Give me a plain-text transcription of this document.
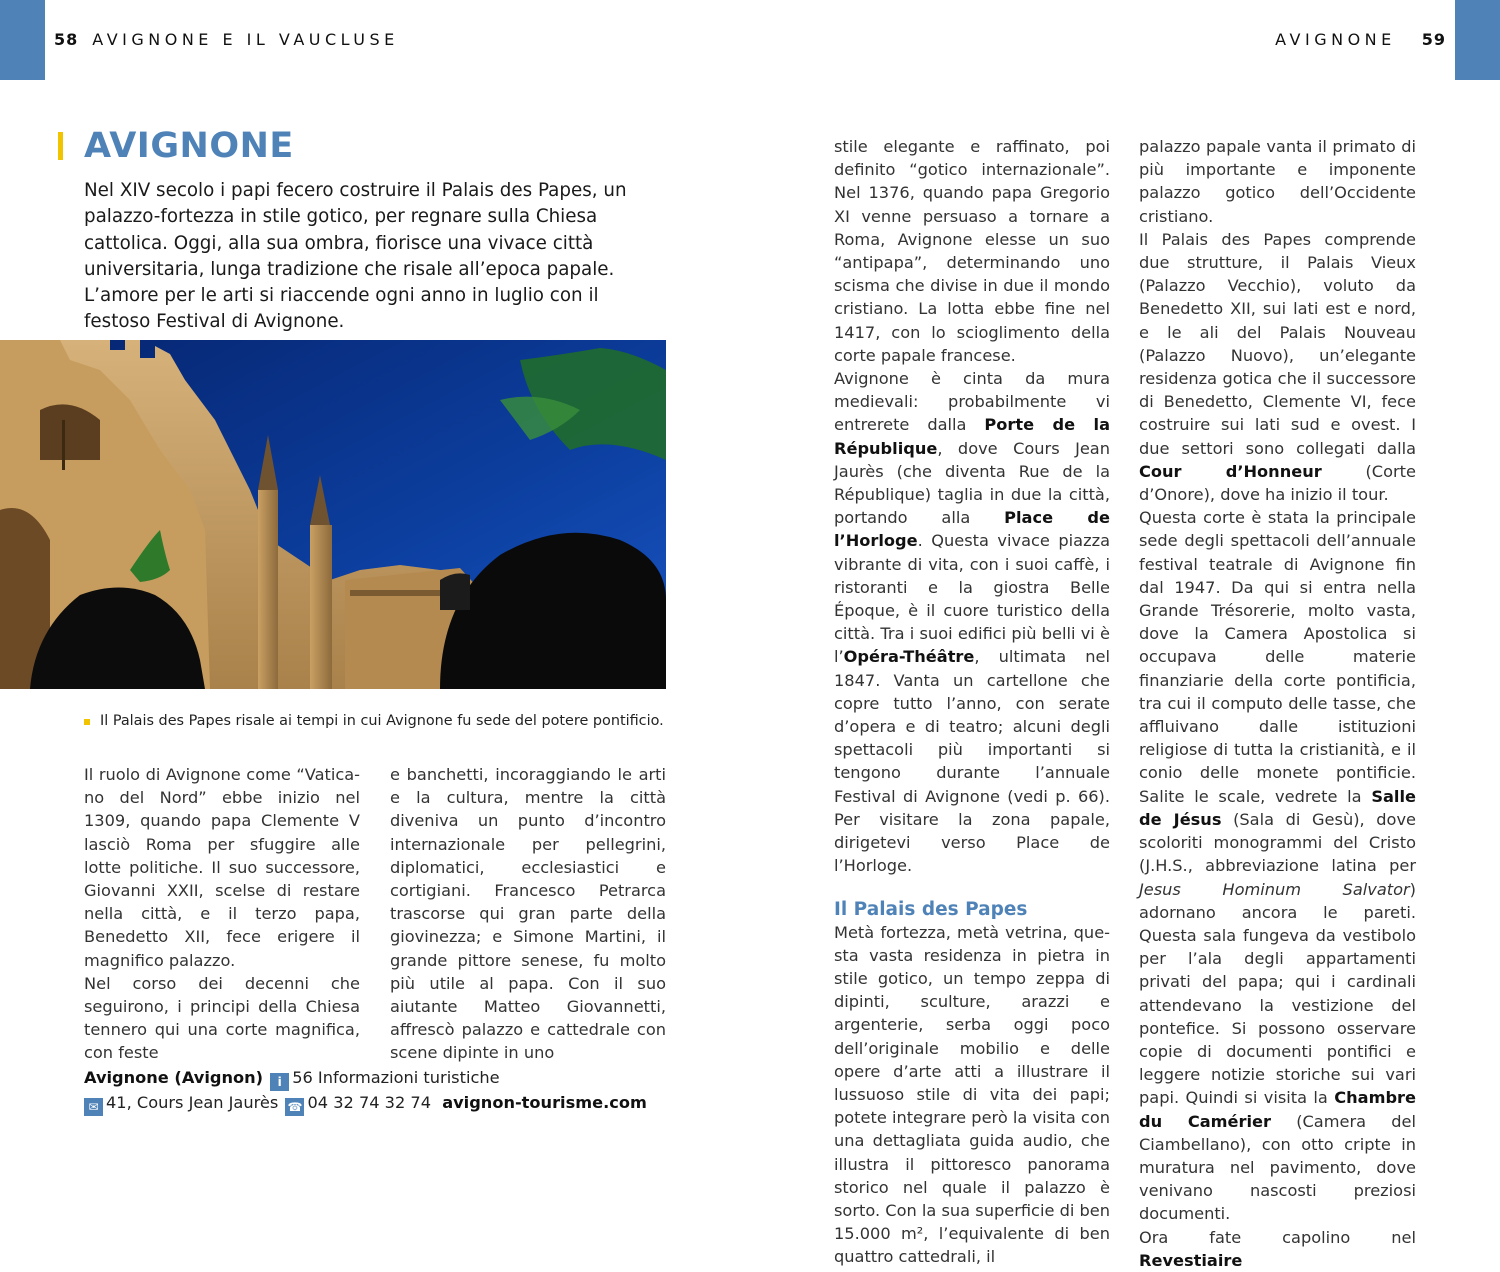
58 AVIGNONE E IL VAUCLUSE	AVIGNONE 59
AVIGNONE

Nel XIV secolo i papi fecero costruire il Palais des Papes, un palazzo-fortezza in stile gotico, per regnare sulla Chiesa cattolica. Oggi, alla sua ombra, fiorisce una vivace città universitaria, lunga tradizione che risale all’epoca papale. L’amore per le arti si riaccende ogni anno in luglio con il festoso Festival di Avignone.

Il Palais des Papes risale ai tempi in cui Avignone fu sede del potere pontificio.

Il ruolo di Avignone come “Vaticano del Nord” ebbe inizio nel 1309, quando papa Clemente V lasciò Roma per sfuggire alle lotte politiche. Il suo successore, Giovanni XXII, scelse di restare nella città, e il terzo papa, Benedetto XII, fece erigere il magnifico palazzo.

Nel corso dei decenni che seguirono, i principi della Chiesa tennero qui una corte magnifica, con feste

e banchetti, incoraggiando le arti e la cultura, mentre la città diveniva un punto d’incontro internazionale per pellegrini, diplomatici, ecclesiastici e cortigiani. Francesco Petrarca trascorse qui gran parte della giovinezza; e Simone Martini, il grande pittore senese, fu molto più utile al papa. Con il suo aiutante Matteo Giovannetti, affrescò palazzo e cattedrale con scene dipinte in uno

stile elegante e raffinato, poi definito “gotico internazionale”. Nel 1376, quando papa Gregorio XI venne persuaso a tornare a Roma, Avignone elesse un suo “antipapa”, determinando uno scisma che divise in due il mondo cristiano. La lotta ebbe fine nel 1417, con lo scioglimento della corte papale francese.

Avignone è cinta da mura medievali: probabilmente vi entrerete dalla Porte de la République, dove Cours Jean Jaurès (che diventa Rue de la République) taglia in due la città, portando alla Place de l’Horloge. Questa vivace piazza vibrante di vita, con i suoi caffè, i ristoranti e la giostra Belle Époque, è il cuore turistico della città. Tra i suoi edifici più belli vi è l’Opéra-Théâtre, ultimata nel 1847. Vanta un cartellone che copre tutto l’anno, con serate d’opera e di teatro; alcuni degli spettacoli più importanti si tengono durante l’annuale Festival di Avignone (vedi p. 66). Per visitare la zona papale, dirigetevi verso Place de l’Horloge.

Il Palais des Papes

Metà fortezza, metà vetrina, questa vasta residenza in pietra in stile gotico, un tempo zeppa di dipinti, sculture, arazzi e argenterie, serba oggi poco dell’originale mobilio e delle opere d’arte atti a illustrare il lussuoso stile di vita dei papi; potete integrare però la visita con una dettagliata guida audio, che illustra il pittoresco panorama storico nel quale il palazzo è sorto. Con la sua superficie di ben 15.000 m², l’equivalente di ben quattro cattedrali, il

palazzo papale vanta il primato di più importante e imponente palazzo gotico dell’Occidente cristiano.

Il Palais des Papes comprende due strutture, il Palais Vieux (Palazzo Vecchio), voluto da Benedetto XII, sui lati est e nord, e le ali del Palais Nouveau (Palazzo Nuovo), un’elegante residenza gotica che il successore di Benedetto, Clemente VI, fece costruire sui lati sud e ovest. I due settori sono collegati dalla Cour d’Honneur (Corte d’Onore), dove ha inizio il tour.

Questa corte è stata la principale sede degli spettacoli dell’annuale festival teatrale di Avignone fin dal 1947. Da qui si entra nella Grande Trésorerie, molto vasta, dove la Camera Apostolica si occupava delle materie finanziarie della corte pontificia, tra cui il computo delle tasse, che affluivano dalle istituzioni religiose di tutta la cristianità, e il conio delle monete pontificie. Salite le scale, vedrete la Salle de Jésus (Sala di Gesù), dove scoloriti monogrammi del Cristo (J.H.S., abbreviazione latina per Jesus Hominum Salvator) adornano ancora le pareti. Questa sala fungeva da vestibolo per l’ala degli appartamenti privati del papa; qui i cardinali attendevano la vestizione del pontefice. Si possono osservare copie di documenti pontifici e leggere notizie storiche sui vari papi. Quindi si visita la Chambre du Camérier (Camera del Ciambellano), con otto cripte in muratura nel pavimento, dove venivano nascosti preziosi documenti.

Ora fate capolino nel Revestiaire

Avignone (Avignon) i 56 Informazioni turistiche
✉ 41, Cours Jean Jaurès ☎ 04 32 74 32 74 avignon-tourisme.com
